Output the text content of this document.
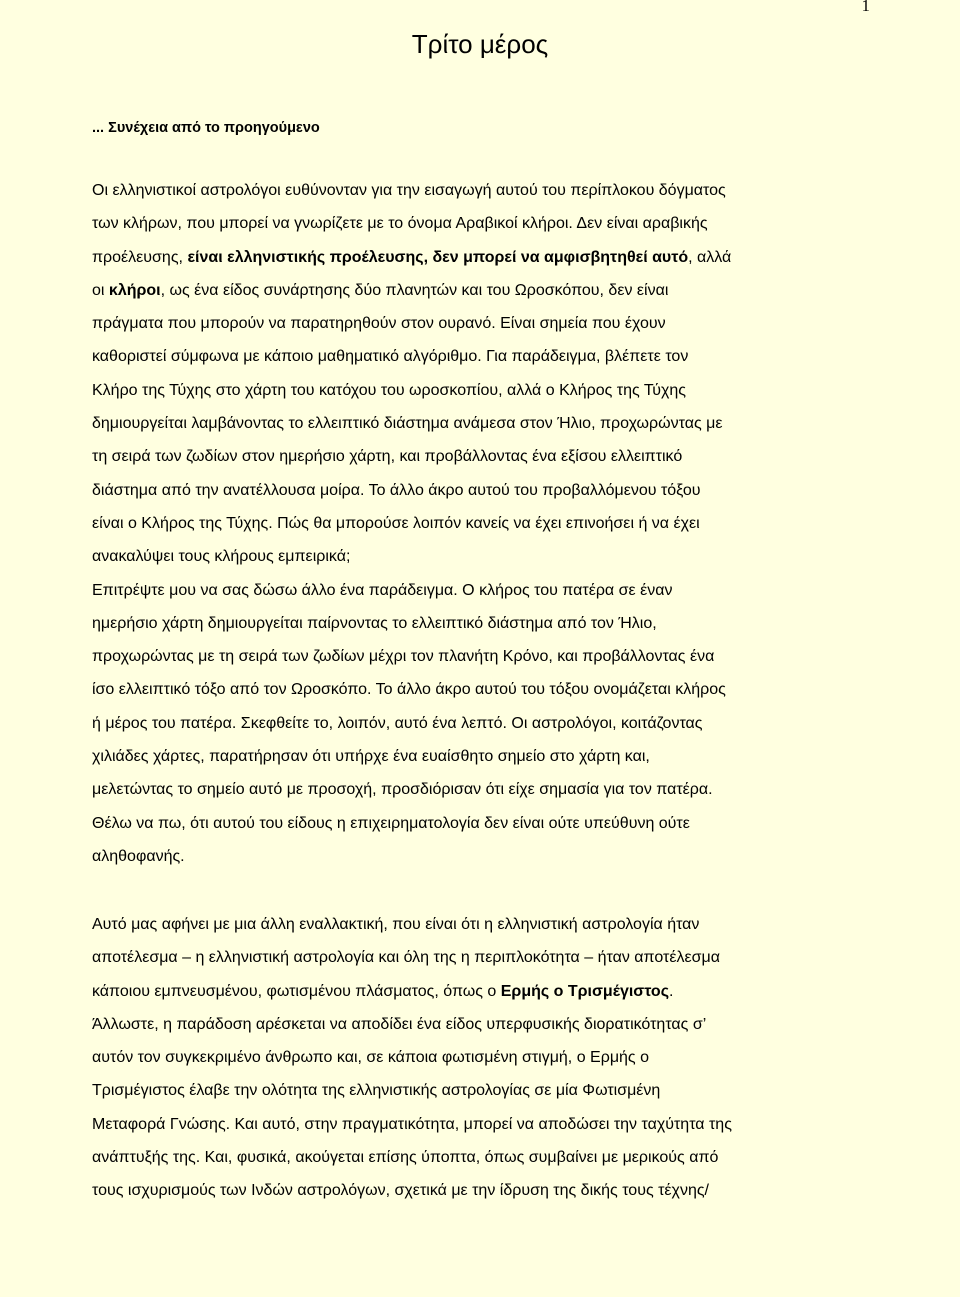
1
Τρίτο μέρος
... Συνέχεια από το προηγούμενο
Οι ελληνιστικοί αστρολόγοι ευθύνονταν για την εισαγωγή αυτού του περίπλοκου δόγματος
των κλήρων, που μπορεί να γνωρίζετε με το όνομα Αραβικοί κλήροι. Δεν είναι αραβικής
προέλευσης, είναι ελληνιστικής προέλευσης, δεν μπορεί να αμφισβητηθεί αυτό, αλλά
οι κλήροι, ως ένα είδος συνάρτησης δύο πλανητών και του Ωροσκόπου, δεν είναι
πράγματα που μπορούν να παρατηρηθούν στον ουρανό. Είναι σημεία που έχουν
καθοριστεί σύμφωνα με κάποιο μαθηματικό αλγόριθμο. Για παράδειγμα, βλέπετε τον
Κλήρο της Τύχης στο χάρτη του κατόχου του ωροσκοπίου, αλλά ο Κλήρος της Τύχης
δημιουργείται λαμβάνοντας το ελλειπτικό διάστημα ανάμεσα στον Ήλιο, προχωρώντας με
τη σειρά των ζωδίων στον ημερήσιο χάρτη, και προβάλλοντας ένα εξίσου ελλειπτικό
διάστημα από την ανατέλλουσα μοίρα. Το άλλο άκρο αυτού του προβαλλόμενου τόξου
είναι ο Κλήρος της Τύχης. Πώς θα μπορούσε λοιπόν κανείς να έχει επινοήσει ή να έχει
ανακαλύψει τους κλήρους εμπειρικά;
Επιτρέψτε μου να σας δώσω άλλο ένα παράδειγμα. Ο κλήρος του πατέρα σε έναν
ημερήσιο χάρτη δημιουργείται παίρνοντας το ελλειπτικό διάστημα από τον Ήλιο,
προχωρώντας με τη σειρά των ζωδίων μέχρι τον πλανήτη Κρόνο, και προβάλλοντας ένα
ίσο ελλειπτικό τόξο από τον Ωροσκόπο. Το άλλο άκρο αυτού του τόξου ονομάζεται κλήρος
ή μέρος του πατέρα. Σκεφθείτε το, λοιπόν, αυτό ένα λεπτό. Οι αστρολόγοι, κοιτάζοντας
χιλιάδες χάρτες, παρατήρησαν ότι υπήρχε ένα ευαίσθητο σημείο στο χάρτη και,
μελετώντας το σημείο αυτό με προσοχή, προσδιόρισαν ότι είχε σημασία για τον πατέρα.
Θέλω να πω, ότι αυτού του είδους η επιχειρηματολογία δεν είναι ούτε υπεύθυνη ούτε
αληθοφανής.
Αυτό μας αφήνει με μια άλλη εναλλακτική, που είναι ότι η ελληνιστική αστρολογία ήταν
αποτέλεσμα – η ελληνιστική αστρολογία και όλη της η περιπλοκότητα – ήταν αποτέλεσμα
κάποιου εμπνευσμένου, φωτισμένου πλάσματος, όπως ο Ερμής ο Τρισμέγιστος.
Άλλωστε, η παράδοση αρέσκεται να αποδίδει ένα είδος υπερφυσικής διορατικότητας σ’
αυτόν τον συγκεκριμένο άνθρωπο και, σε κάποια φωτισμένη στιγμή, ο Ερμής ο
Τρισμέγιστος έλαβε την ολότητα της ελληνιστικής αστρολογίας σε μία Φωτισμένη
Μεταφορά Γνώσης. Και αυτό, στην πραγματικότητα, μπορεί να αποδώσει την ταχύτητα της
ανάπτυξής της. Και, φυσικά, ακούγεται επίσης ύποπτα, όπως συμβαίνει με μερικούς από
τους ισχυρισμούς των Ινδών αστρολόγων, σχετικά με την ίδρυση της δικής τους τέχνης/
